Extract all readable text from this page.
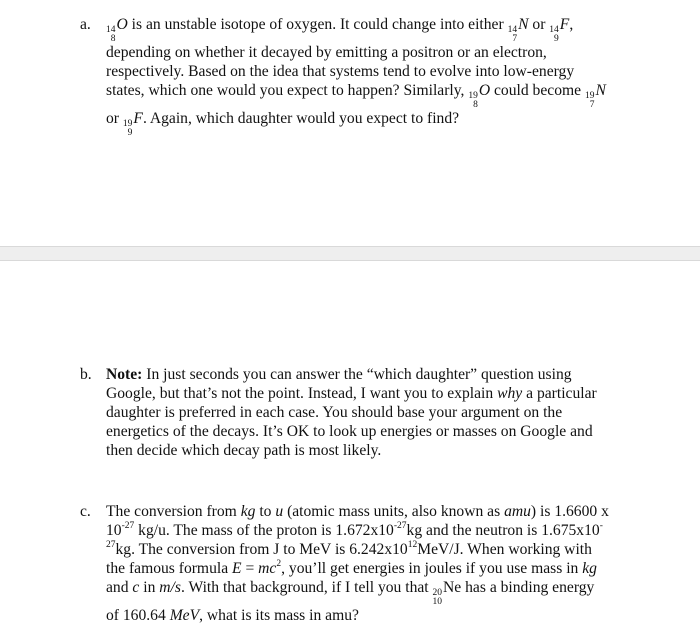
a.	14
8
O is an unstable isotope of oxygen. It could change into either 14
7
N or 14
9
F,
depending on whether it decayed by emitting a positron or an electron,
respectively. Based on the idea that systems tend to evolve into low-energy
states, which one would you expect to happen? Similarly, 19
8
O could become 19
7
N
or 19
9
F. Again, which daughter would you expect to find?
b. Note: In just seconds you can answer the “which daughter” question using
Google, but that’s not the point. Instead, I want you to explain why a particular
daughter is preferred in each case. You should base your argument on the
energetics of the decays. It’s OK to look up energies or masses on Google and
then decide which decay path is most likely.
c. The conversion from kg to u (atomic mass units, also known as amu) is 1.6600 x
$10^{-27}$ kg/u. The mass of the proton is $1.672x10^{-27}kg$ and the neutron is 1.675x10-
$^{27}$kg. The conversion from J to MeV is $6.242x10^{12}MeV/J$. When working with
the famous formula $E = mc^2$, you’ll get energies in joules if you use mass in kg
and c in m/s. With that background, if I tell you that 20
10
Ne has a binding energy
of 160.64 MeV, what is its mass in amu?
